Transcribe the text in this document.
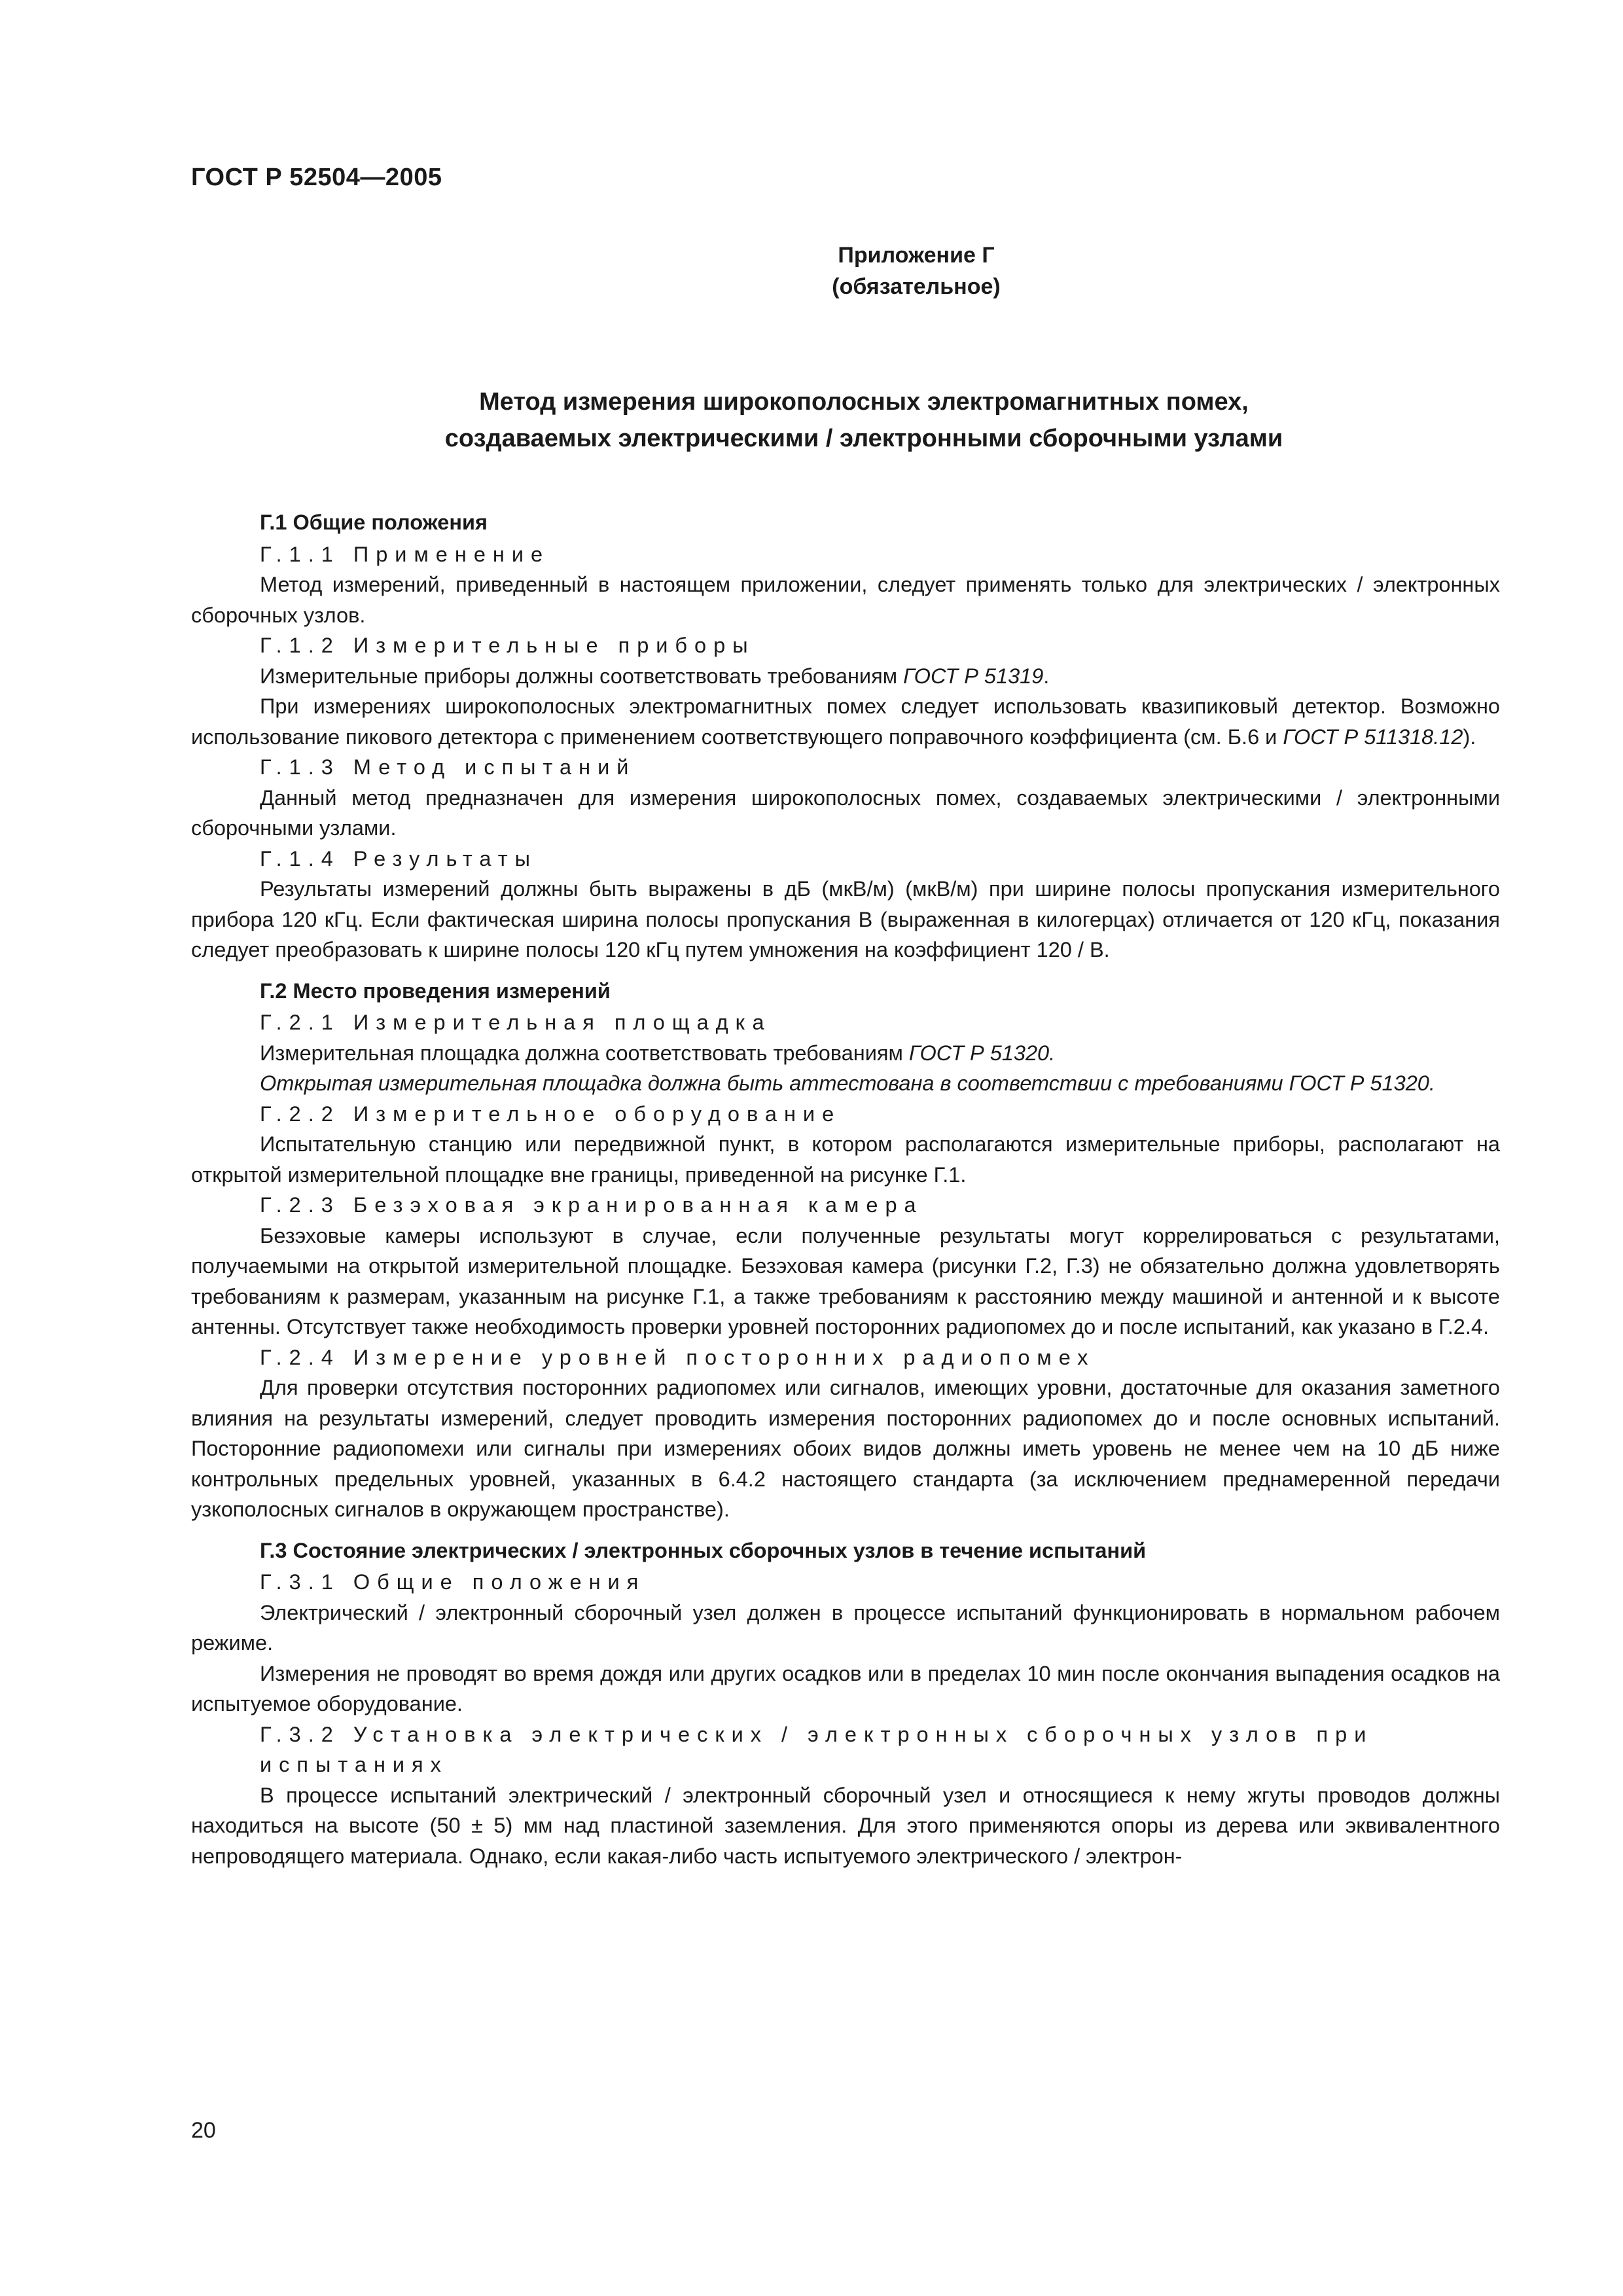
ГОСТ Р 52504—2005
Приложение Г
(обязательное)
Метод измерения широкополосных электромагнитных помех,
создаваемых электрическими / электронными сборочными узлами
Г.1 Общие положения
Г.1.1 Применение
Метод измерений, приведенный в настоящем приложении, следует применять только для электрических / электронных сборочных узлов.
Г.1.2 Измерительные приборы
Измерительные приборы должны соответствовать требованиям ГОСТ Р 51319.
При измерениях широкополосных электромагнитных помех следует использовать квазипиковый детектор. Возможно использование пикового детектора с применением соответствующего поправочного коэффициента (см. Б.6 и ГОСТ Р 511318.12).
Г.1.3 Метод испытаний
Данный метод предназначен для измерения широкополосных помех, создаваемых электрическими / электронными сборочными узлами.
Г.1.4 Результаты
Результаты измерений должны быть выражены в дБ (мкВ/м) (мкВ/м) при ширине полосы пропускания измерительного прибора 120 кГц. Если фактическая ширина полосы пропускания В (выраженная в килогерцах) отличается от 120 кГц, показания следует преобразовать к ширине полосы 120 кГц путем умножения на коэффициент 120 / В.
Г.2 Место проведения измерений
Г.2.1 Измерительная площадка
Измерительная площадка должна соответствовать требованиям ГОСТ Р 51320.
Открытая измерительная площадка должна быть аттестована в соответствии с требованиями ГОСТ Р 51320.
Г.2.2 Измерительное оборудование
Испытательную станцию или передвижной пункт, в котором располагаются измерительные приборы, располагают на открытой измерительной площадке вне границы, приведенной на рисунке Г.1.
Г.2.3 Безэховая экранированная камера
Безэховые камеры используют в случае, если полученные результаты могут коррелироваться с результатами, получаемыми на открытой измерительной площадке. Безэховая камера (рисунки Г.2, Г.3) не обязательно должна удовлетворять требованиям к размерам, указанным на рисунке Г.1, а также требованиям к расстоянию между машиной и антенной и к высоте антенны. Отсутствует также необходимость проверки уровней посторонних радиопомех до и после испытаний, как указано в Г.2.4.
Г.2.4 Измерение уровней посторонних радиопомех
Для проверки отсутствия посторонних радиопомех или сигналов, имеющих уровни, достаточные для оказания заметного влияния на результаты измерений, следует проводить измерения посторонних радиопомех до и после основных испытаний. Посторонние радиопомехи или сигналы при измерениях обоих видов должны иметь уровень не менее чем на 10 дБ ниже контрольных предельных уровней, указанных в 6.4.2 настоящего стандарта (за исключением преднамеренной передачи узкополосных сигналов в окружающем пространстве).
Г.3 Состояние электрических / электронных сборочных узлов в течение испытаний
Г.3.1 Общие положения
Электрический / электронный сборочный узел должен в процессе испытаний функционировать в нормальном рабочем режиме.
Измерения не проводят во время дождя или других осадков или в пределах 10 мин после окончания выпадения осадков на испытуемое оборудование.
Г.3.2 Установка электрических / электронных сборочных узлов при испытаниях
В процессе испытаний электрический / электронный сборочный узел и относящиеся к нему жгуты проводов должны находиться на высоте (50 ± 5) мм над пластиной заземления. Для этого применяются опоры из дерева или эквивалентного непроводящего материала. Однако, если какая-либо часть испытуемого электрического / электрон-
20
